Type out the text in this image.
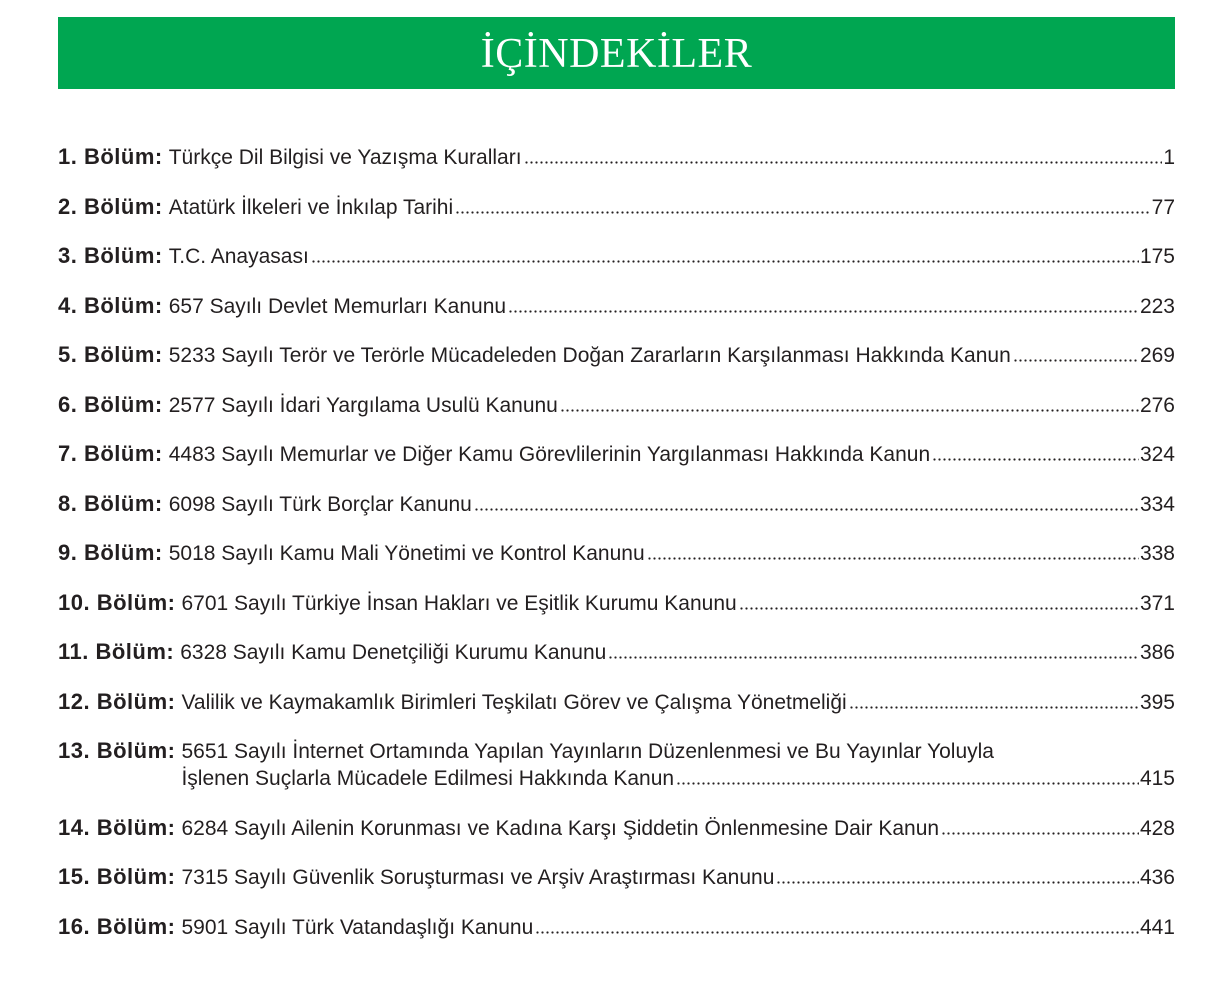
İÇİNDEKİLER
1. Bölüm: Türkçe Dil Bilgisi ve Yazışma Kuralları	1
2. Bölüm: Atatürk İlkeleri ve İnkılap Tarihi	77
3. Bölüm: T.C. Anayasası	175
4. Bölüm: 657 Sayılı Devlet Memurları Kanunu	223
5. Bölüm: 5233 Sayılı Terör ve Terörle Mücadeleden Doğan Zararların Karşılanması Hakkında Kanun	269
6. Bölüm: 2577 Sayılı İdari Yargılama Usulü Kanunu	276
7. Bölüm: 4483 Sayılı Memurlar ve Diğer Kamu Görevlilerinin Yargılanması Hakkında Kanun	324
8. Bölüm: 6098 Sayılı Türk Borçlar Kanunu	334
9. Bölüm: 5018 Sayılı Kamu Mali Yönetimi ve Kontrol Kanunu	338
10. Bölüm: 6701 Sayılı Türkiye İnsan Hakları ve Eşitlik Kurumu Kanunu	371
11. Bölüm: 6328 Sayılı Kamu Denetçiliği Kurumu Kanunu	386
12. Bölüm: Valilik ve Kaymakamlık Birimleri Teşkilatı Görev ve Çalışma Yönetmeliği	395
13. Bölüm: 5651 Sayılı İnternet Ortamında Yapılan Yayınların Düzenlenmesi ve Bu Yayınlar Yoluyla
İşlenen Suçlarla Mücadele Edilmesi Hakkında Kanun	415
14. Bölüm: 6284 Sayılı Ailenin Korunması ve Kadına Karşı Şiddetin Önlenmesine Dair Kanun	428
15. Bölüm: 7315 Sayılı Güvenlik Soruşturması ve Arşiv Araştırması Kanunu	436
16. Bölüm: 5901 Sayılı Türk Vatandaşlığı Kanunu	441
